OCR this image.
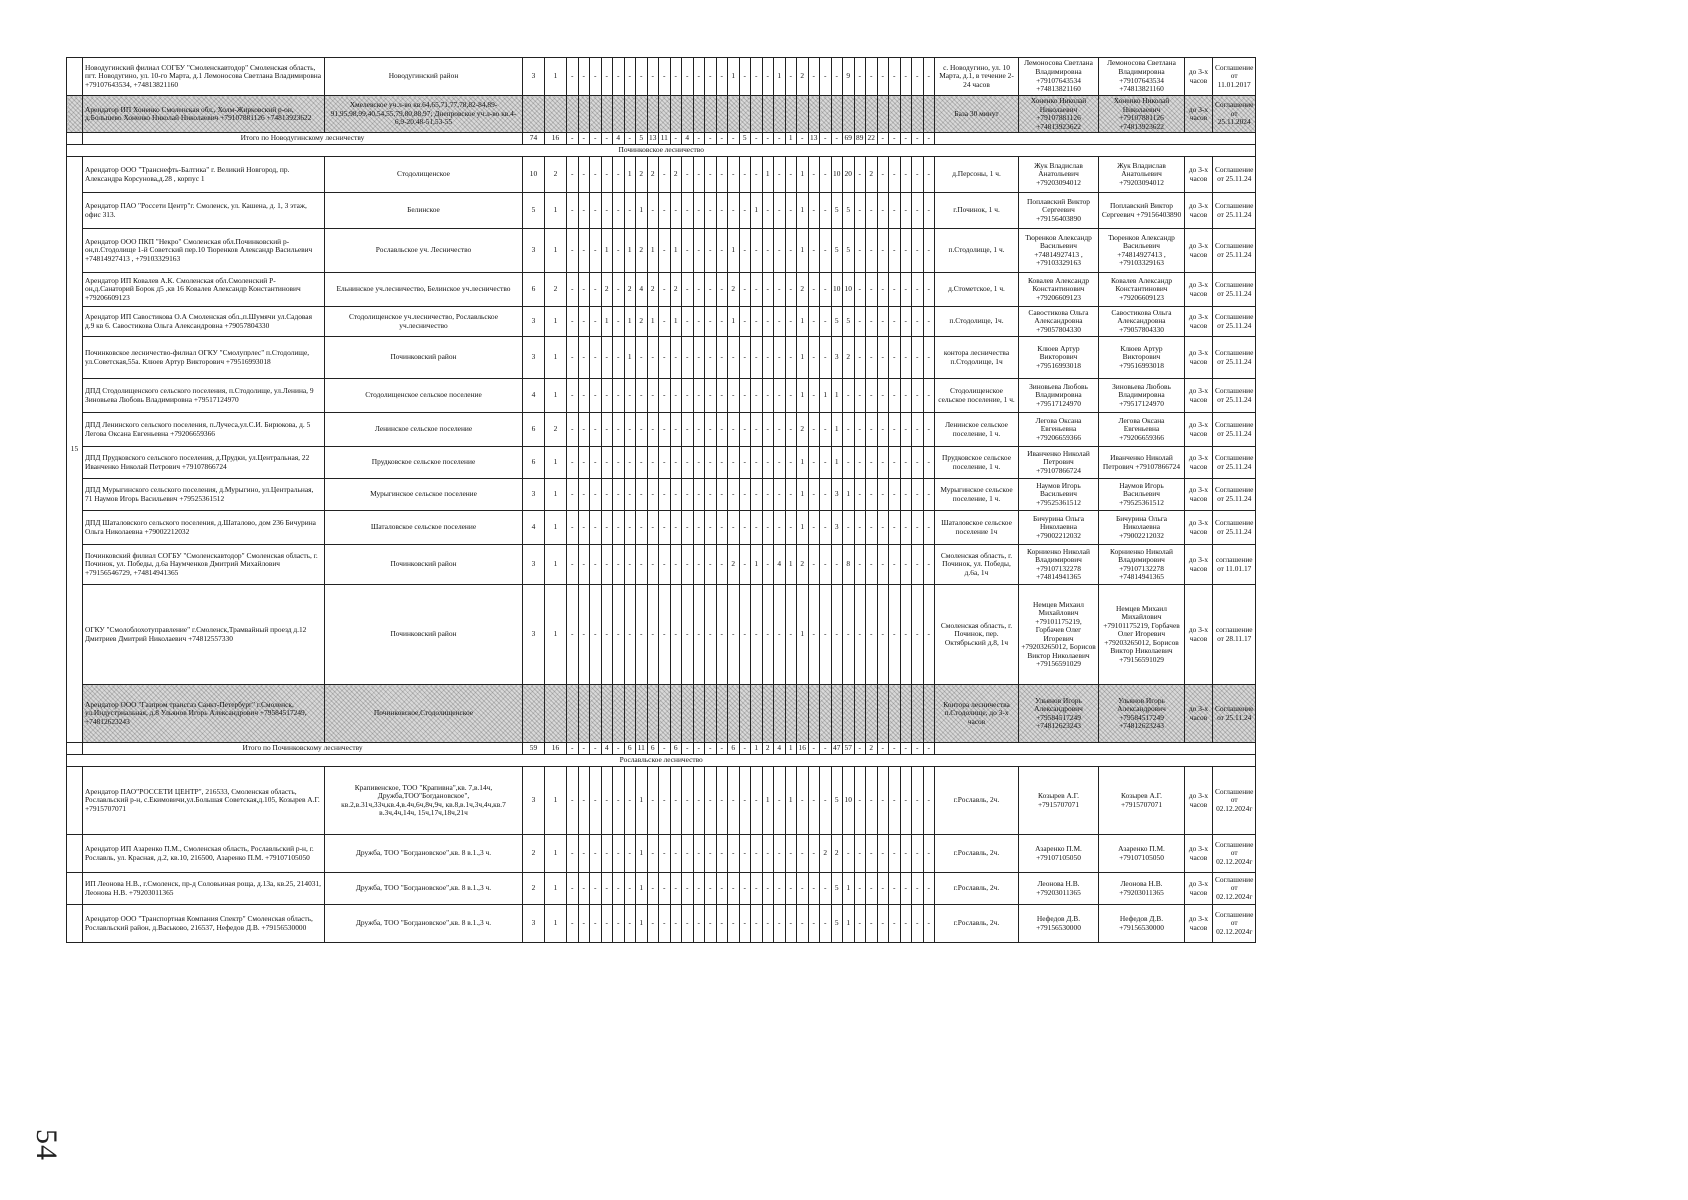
	Новодугинский филиал СОГБУ "Смоленскавтодор" Смоленская область, пгт. Новодугино, ул. 10-го Марта, д.1 Лемоносова Светлана Владимировна +79107643534, +74813821160	Новодугинский район	3	1	-	-	-	-	-	-	-	-	-	-	-	-	-	-	1	-	-	-	1	-	2	-	-	-	9	-	-	-	-	-	-	-	с. Новодугино, ул. 10 Марта, д.1, в течение 2-24 часов	Лемоносова Светлана Владимировна +79107643534 +74813821160	Лемоносова Светлана Владимировна +79107643534 +74813821160	до 3-х часов	Соглашение от 11.01.2017
	Арендатор ИП Хоненко Смоленская обл., Холм-Жирковский р-он, д.Большево Хоненко Николай Николаевич +79107881126 +74813923622	Хмелевское уч.л-во кв.64,65,71,77,78,82-84,89-91,95,98,99,40,54,55,79,80,88,97; Днепровское уч.л-во кв.4-6,9-20,48-51,53-55																																			База 30 минут	Хоненко Николай Николаевич +79107881126 +74813923622	Хоненко Николай Николаевич +79107881126 +74813923622	до 3-х часов	Соглашение от 25.11.2024
	Итого по Новодугинскому лесничеству		74	16	-	-	-	-	4	-	5	13	11	-	4	-	-	-	-	5	-	-	-	1	-	13	-	-	69	89	22	-	-	-	-	-					
Починковское лесничество																																									
15	Арендатор ООО "Транснефть-Балтика" г. Великий Новгород, пр. Александра Корсунова,д.28 , корпус 1	Стодолищенское	10	2	-	-	-	-	-	1	2	2	-	2	-	-	-	-	-	-	-	1	-	-	1	-	-	10	20	-	2	-	-	-	-	-	д.Персоны, 1 ч.	Жук Владислав Анатольевич +79203094012	Жук Владислав Анатольевич +79203094012	до 3-х часов	Соглашение от 25.11.24
	Арендатор ПАО "Россети Центр"г. Смоленск, ул. Кашена, д. 1, 3 этаж, офис 313.	Белинское	5	1	-	-	-	-	-	-	1	-	-	-	-	-	-	-	-	-	1	-	-	-	1	-	-	5	5	-	-	-	-	-	-	-	г.Починок, 1 ч.	Поплавский Виктор Сергеевич +79156403890	Поплавский Виктор Сергеевич +79156403890	до 3-х часов	Соглашение от 25.11.24
	Арендатор ООО ПКП "Некро" Смоленская обл.Починковский р-он,п.Стодолище 1-й Советский пер.10 Тюренков Александр Васильевич +74814927413 , +79103329163	Рославльское уч. Лесничество	3	1	-	-	-	1	-	1	2	1	-	1	-	-	-	-	1	-	-	-	-	-	1	-	-	5	5	-	-	-	-	-	-	-	п.Стодолище, 1 ч.	Тюренков Александр Васильевич +74814927413 , +79103329163	Тюренков Александр Васильевич +74814927413 , +79103329163	до 3-х часов	Соглашение от 25.11.24
	Арендатор ИП Ковалев А.К. Смоленская обл.Смоленский Р-он,д.Санаторий Борок д5 ,кв 16 Ковалев Александр Константинович +79206609123	Ельнинское уч.лесничество, Белинское уч.лесничество	6	2	-	-	-	2	-	2	4	2	-	2	-	-	-	-	2	-	-	-	-	-	2	-	-	10	10	-	-	-	-	-	-	-	д.Стометское, 1 ч.	Ковалев Александр Константинович +79206609123	Ковалев Александр Константинович +79206609123	до 3-х часов	Соглашение от 25.11.24
	Арендатор ИП Савостикова О.А Смоленская обл.,п.Шумячи ул.Садовая д.9 кв 6. Савостикова Ольга Александровна +79057804330	Стодолищенское уч.лесничество, Рославльское уч.лесничество	3	1	-	-	-	1	-	1	2	1	-	1	-	-	-	-	1	-	-	-	-	-	1	-	-	5	5	-	-	-	-	-	-	-	п.Стодолище, 1ч.	Савостикова Ольга Александровна +79057804330	Савостикова Ольга Александровна +79057804330	до 3-х часов	Соглашение от 25.11.24
	Починковское лесничество-филиал ОГКУ "Смолупрлес" п.Стодолище, ул.Советская,55а. Клюев Артур Викторович +79516993018	Починковский район	3	1	-	-	-	-	-	1	-	-	-	-	-	-	-	-	-	-	-	-	-	-	1	-	-	3	2	-	-	-	-	-	-	-	контора лесничества п.Стодолище, 1ч	Клюев Артур Викторович +79516993018	Клюев Артур Викторович +79516993018	до 3-х часов	Соглашение от 25.11.24
	ДПД Стодолищенского сельского поселения, п.Стодолище, ул.Ленина, 9 Зиновьева Любовь Владимировна +79517124970	Стодолищенское сельское поселение	4	1	-	-	-	-	-	-	-	-	-	-	-	-	-	-	-	-	-	-	-	-	1	-	1	1	-	-	-	-	-	-	-	-	Стодолищенское сельское поселение, 1 ч.	Зиновьева Любовь Владимировна +79517124970	Зиновьева Любовь Владимировна +79517124970	до 3-х часов	Соглашение от 25.11.24
	ДПД Ленинского сельского поселения, п.Лучеса,ул.С.И. Бирюкова, д. 5 Легова Оксана Евгеньевна +79206659366	Ленинское сельское поселение	6	2	-	-	-	-	-	-	-	-	-	-	-	-	-	-	-	-	-	-	-	-	2	-	-	1	-	-	-	-	-	-	-	-	Ленинское сельское поселение, 1 ч.	Легова Оксана Евгеньевна +79206659366	Легова Оксана Евгеньевна +79206659366	до 3-х часов	Соглашение от 25.11.24
	ДПД Прудковского сельского поселения, д.Прудки, ул.Центральная, 22 Иванченко Николай Петрович +79107866724	Прудковское сельское поселение	6	1	-	-	-	-	-	-	-	-	-	-	-	-	-	-	-	-	-	-	-	-	1	-	-	1	-	-	-	-	-	-	-	-	Прудковское сельское поселение, 1 ч.	Иванченко Николай Петрович +79107866724	Иванченко Николай Петрович +79107866724	до 3-х часов	Соглашение от 25.11.24
	ДПД Мурыгинского сельского поселения, д.Мурыгино, ул.Центральная, 71 Наумов Игорь Васильевич +79525361512	Мурыгинское сельское поселение	3	1	-	-	-	-	-	-	-	-	-	-	-	-	-	-	-	-	-	-	-	-	1	-	-	3	1	-	-	-	-	-	-	-	Мурыгинское сельское поселение, 1 ч.	Наумов Игорь Васильевич +79525361512	Наумов Игорь Васильевич +79525361512	до 3-х часов	Соглашение от 25.11.24
	ДПД Шаталовского сельского поселения, д.Шаталово, дом 236 Бичурина Ольга Николаевна +79002212032	Шаталовское сельское поселение	4	1	-	-	-	-	-	-	-	-	-	-	-	-	-	-	-	-	-	-	-	-	1	-	-	3	-	-	-	-	-	-	-	-	Шаталовское сельское поселение 1ч	Бичурина Ольга Николаевна +79002212032	Бичурина Ольга Николаевна +79002212032	до 3-х часов	Соглашение от 25.11.24
	Починковский филиал СОГБУ "Смоленскавтодор" Смоленская область, г. Починок, ул. Победы, д.6а Наумченков Дмитрий Михайлович +79156546729, +74814941365	Починковский район	3	1	-	-	-	-	-	-	-	-	-	-	-	-	-	-	2	-	1	-	4	1	2	-	-	-	8	-	-	-	-	-	-	-	Смоленская область, г. Починок, ул. Победы, д.6а, 1ч	Корниенко Николай Владимирович +79107132278 +74814941365	Корниенко Николай Владимирович +79107132278 +74814941365	до 3-х часов	соглашение от 11.01.17
	ОГКУ "Смолоблохотуправление" г.Смоленск,Трамвайный проезд д.12 Дмитриев Дмитрий Николаевич +74812557330	Починковский район	3	1	-	-	-	-	-	-	-	-	-	-	-	-	-	-	-	-	-	-	-	-	1	-	-	-	-	-	-	-	-	-	-	-	Смоленская область, г. Починок, пер. Октябрьский д.8, 1ч	Немцев Михаил Михайлович +79101175219, Горбачев Олег Игоревич +79203265012, Борисов Виктор Николаевич +79156591029	Немцев Михаил Михайлович +79101175219, Горбачев Олег Игоревич +79203265012, Борисов Виктор Николаевич +79156591029	до 3-х часов	соглашение от 28.11.17
	Арендатор ООО "Газпром трансгаз Санкт-Петербург" г.Смоленск, ул.Индустриальная, д.8 Ульянов Игорь Александрович +79584517249, +74812623243	Починковское,Стодолищенское																																			Контора лесничества п.Стодолище, до 3-х часов	Ульянов Игорь Александрович +79584517249 +74812623243	Ульянов Игорь Александрович +79584517249 +74812623243	до 3-х часов	Соглашение от 25.11.24
	Итого по Починковскому лесничеству		59	16	-	-	-	4	-	6	11	6	-	6	-	-	-	-	6	-	1	2	4	1	16	-	-	47	57	-	2	-	-	-	-	-					
Рославльское лесничество																																									
	Арендатор ПАО"РОССЕТИ ЦЕНТР", 216533, Смоленская область, Рославльский р-н, с.Екимовичи,ул.Большая Советская,д.105, Козырев А.Г. +7915707071	Крапивенское, ТОО "Крапивна",кв. 7,в.14ч, Дружба,ТОО"Богдановское", кв.2,в.31ч,33ч,кв.4,в.4ч,6ч,8ч,9ч, кв.8,в.1ч,3ч,4ч,кв.7 в.3ч,4ч,14ч, 15ч,17ч,18ч,21ч	3	1	-	-	-	-	-	-	1	-	-	-	-	-	-	-	-	-	-	1	-	1	-	-	-	5	10	-	-	-	-	-	-	-	г.Рославль, 2ч.	Козырев А.Г. +7915707071	Козырев А.Г. +7915707071	до 3-х часов	Соглашение от 02.12.2024г
	Арендатор ИП Азаренко П.М., Смоленская область, Рославльский р-н, г. Рославль, ул. Красная, д.2, кв.10, 216500, Азаренко П.М. +79107105050	Дружба, ТОО "Богдановское",кв. 8 в.1.,3 ч.	2	1	-	-	-	-	-	-	1	-	-	-	-	-	-	-	-	-	-	-	-	-	-	-	2	2	-	-	-	-	-	-	-	-	г.Рославль, 2ч.	Азаренко П.М. +79107105050	Азаренко П.М. +79107105050	до 3-х часов	Соглашение от 02.12.2024г
	ИП Леонова Н.В., г.Смоленск, пр-д Соловьиная роща, д.13а, кв.25, 214031, Леонова Н.В. +79203011365	Дружба, ТОО "Богдановское",кв. 8 в.1.,3 ч.	2	1	-	-	-	-	-	-	1	-	-	-	-	-	-	-	-	-	-	-	-	-	-	-	-	5	1	-	-	-	-	-	-	-	г.Рославль, 2ч.	Леонова Н.В. +79203011365	Леонова Н.В. +79203011365	до 3-х часов	Соглашение от 02.12.2024г
	Арендатор ООО "Транспортная Компания Спектр" Смоленская область, Рославльский район, д.Васьково, 216537, Нефедов Д.В. +79156530000	Дружба, ТОО "Богдановское",кв. 8 в.1.,3 ч.	3	1	-	-	-	-	-	-	1	-	-	-	-	-	-	-	-	-	-	-	-	-	-	-	-	5	1	-	-	-	-	-	-	-	г.Рославль, 2ч.	Нефедов Д.В. +79156530000	Нефедов Д.В. +79156530000	до 3-х часов	Соглашение от 02.12.2024г
54
